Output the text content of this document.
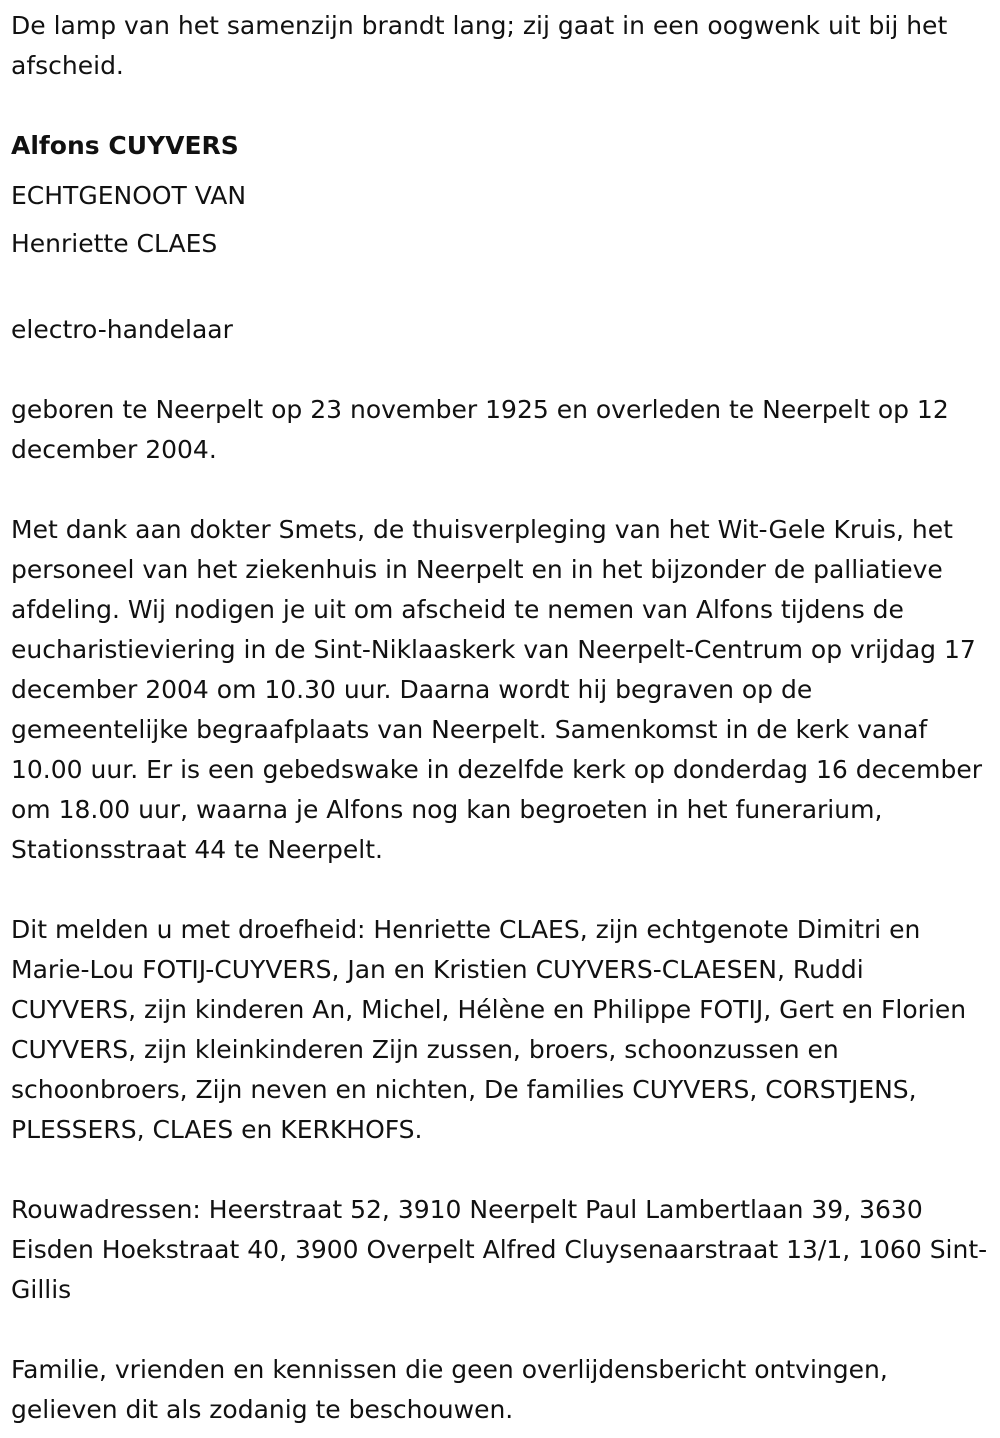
De lamp van het samenzijn brandt lang; zij gaat in een oogwenk uit bij het afscheid.

Alfons CUYVERS

ECHTGENOOT VAN

Henriette CLAES

electro-handelaar

geboren te Neerpelt op 23 november 1925 en overleden te Neerpelt op 12 december 2004.

Met dank aan dokter Smets, de thuisverpleging van het Wit-Gele Kruis, het personeel van het ziekenhuis in Neerpelt en in het bijzonder de palliatieve afdeling. Wij nodigen je uit om afscheid te nemen van Alfons tijdens de eucharistieviering in de Sint-Niklaaskerk van Neerpelt-Centrum op vrijdag 17 december 2004 om 10.30 uur. Daarna wordt hij begraven op de gemeentelijke begraafplaats van Neerpelt. Samenkomst in de kerk vanaf 10.00 uur. Er is een gebedswake in dezelfde kerk op donderdag 16 december om 18.00 uur, waarna je Alfons nog kan begroeten in het funerarium, Stationsstraat 44 te Neerpelt.

Dit melden u met droefheid: Henriette CLAES, zijn echtgenote Dimitri en Marie-Lou FOTIJ-CUYVERS, Jan en Kristien CUYVERS-CLAESEN, Ruddi CUYVERS, zijn kinderen An, Michel, Hélène en Philippe FOTIJ, Gert en Florien CUYVERS, zijn kleinkinderen Zijn zussen, broers, schoonzussen en schoonbroers, Zijn neven en nichten, De families CUYVERS, CORSTJENS, PLESSERS, CLAES en KERKHOFS.

Rouwadressen: Heerstraat 52, 3910 Neerpelt Paul Lambertlaan 39, 3630 Eisden Hoekstraat 40, 3900 Overpelt Alfred Cluysenaarstraat 13/1, 1060 Sint-Gillis

Familie, vrienden en kennissen die geen overlijdensbericht ontvingen, gelieven dit als zodanig te beschouwen.
